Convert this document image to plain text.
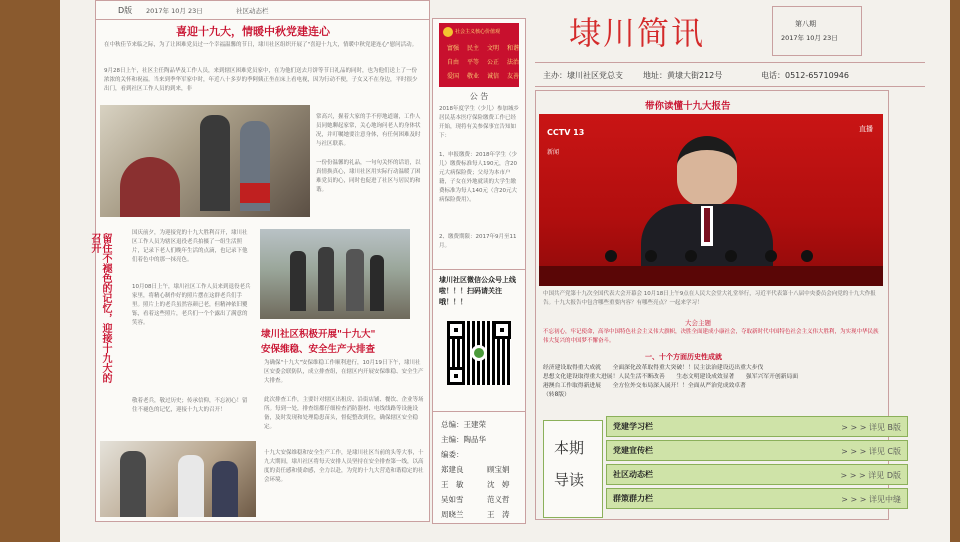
D版 2017年 10月 23日	社区动态栏
喜迎十九大，情暖中秋党建连心
在中秋佳节来临之际，为了让困难党员过一个幸福温馨的节日，埭川社区组织开展了"喜迎十九大，情暖中秋党建连心"慰问活动。
9月28日上午，社区主任陶品华及工作人员，来到辖区困难党员家中，在为他们送去月饼等节日礼品的同时，也为他们送上了一份浓浓的关怀和祝福。当来到季华军家中时，年近八十多岁的季阿姨正坐在床上看电视，因为行动不便，子女又不在身边，平时很少出门，看到社区工作人员的到来，非
常高兴，握着大家的手不停地道谢，工作人员同她聊起家常，关心地询问老人的身体状况，并叮嘱她要注意身体，有任何困难及时与社区联系。
一份份温馨的礼品，一句句关怀的话语，以真情换真心，埭川社区用实际行动温暖了困难党员的心，同时也促进了社区与居民的和谐。
留住不褪色的记忆，迎接十九大的召开	国庆前夕，为迎接党的十九大胜利召开，埭川社区工作人员为辖区退役老兵拍摄了一组生活照片，记录下老人们晚年生活的点滴，也记录下他们着色中的那一抹亮色。
10月08日上午，埭川社区工作人员来到退役老兵家里，将精心制作好的照片摆在这群老兵们手里。照片上的老兵虽然容颜已老，但精神依旧矍铄，看着这些照片，老兵们一个个露出了满意的笑容。
敬着老兵，敬过历史；传承信仰，不忘初心！留住不褪色的记忆，迎接十九大的召开！
埭川社区积极开展"十九大"
安保维稳、安全生产大排查
为确保"十九大"安保维稳工作顺利进行，10月19日下午，埭川社区安委会联防队，成立排查组，在辖区内开展安保维稳、安全生产大排查。
此次排查工作，主要针对辖区出租房、沿街店铺、餐饮、企业等场所。每到一处，排查组都仔细检查消防器材、电线线路等设施设备，及时发现和处理隐患苗头，督促整改到位，确保辖区安全稳定。
十九大安保维稳和安全生产工作，是埭川社区当前的头等大事，十九大期间，埭川社区将每天安排人员坚持在安全排查第一线，以高度的责任感和使命感，全力以赴，为党的十九大营造和谐稳定的社会环境。
社会主义核心价值观
富强 民主 文明 和谐
自由 平等 公正 法治
爱国 敬业 诚信 友善
公 告
2018年度学生（少儿）参加城乡居民基本医疗保险缴费工作已经开始，现将有关参保事宜告知如下：
1、申报缴费：2018年学生（少儿）缴费标准每人190元，含20元大病保险费；父母为本市户籍，子女在外地就读的大学生缴费标准为每人140元（含20元大病保险费用）。
2、缴费期限：2017年9月至11月。
埭川社区微信公众号上线啦！！！扫码请关注哦！！！
总编：王建荣
主编：陶品华
编委：
郑建良	顾宝娟
王　敏	沈　婷
吴如雪	范义哲
周晓兰	王　涛
埭川简讯	第八期
2017年 10月 23日
主办：埭川社区党总支	地址：黄埭大街212号	电话：0512-65710946
带你读懂十九大报告
CCTV 13
新闻
直播
中国共产党第十九次全国代表大会开幕会 10月18日上午9点在人民大会堂大礼堂举行，习近平代表第十八届中央委员会向党的十九大作报告。十九大报告中包含哪些重要内容？有哪些亮点？一起来学习！
大会主题
不忘初心，牢记使命，高举中国特色社会主义伟大旗帜，决胜全面建成小康社会，夺取新时代中国特色社会主义伟大胜利，为实现中华民族伟大复兴的中国梦不懈奋斗。
一、十个方面历史性成就
经济建设取得重大成就　　全面深化改革取得重大突破！！民主法治建设迈出重大步伐
思想文化建设取得重大进展！人民生活不断改善　　生态文明建设成效显著　　强军兴军开创新局面
港澳台工作取得新进展　　全方位外交布局深入展开！！全面从严治党成效卓著
（转8版）
本期
导读
党建学习栏	> > > 详见 B版
党建宣传栏	> > > 详见 C版
社区动态栏	> > > 详见 D版
群策群力栏	> > > 详见中缝
